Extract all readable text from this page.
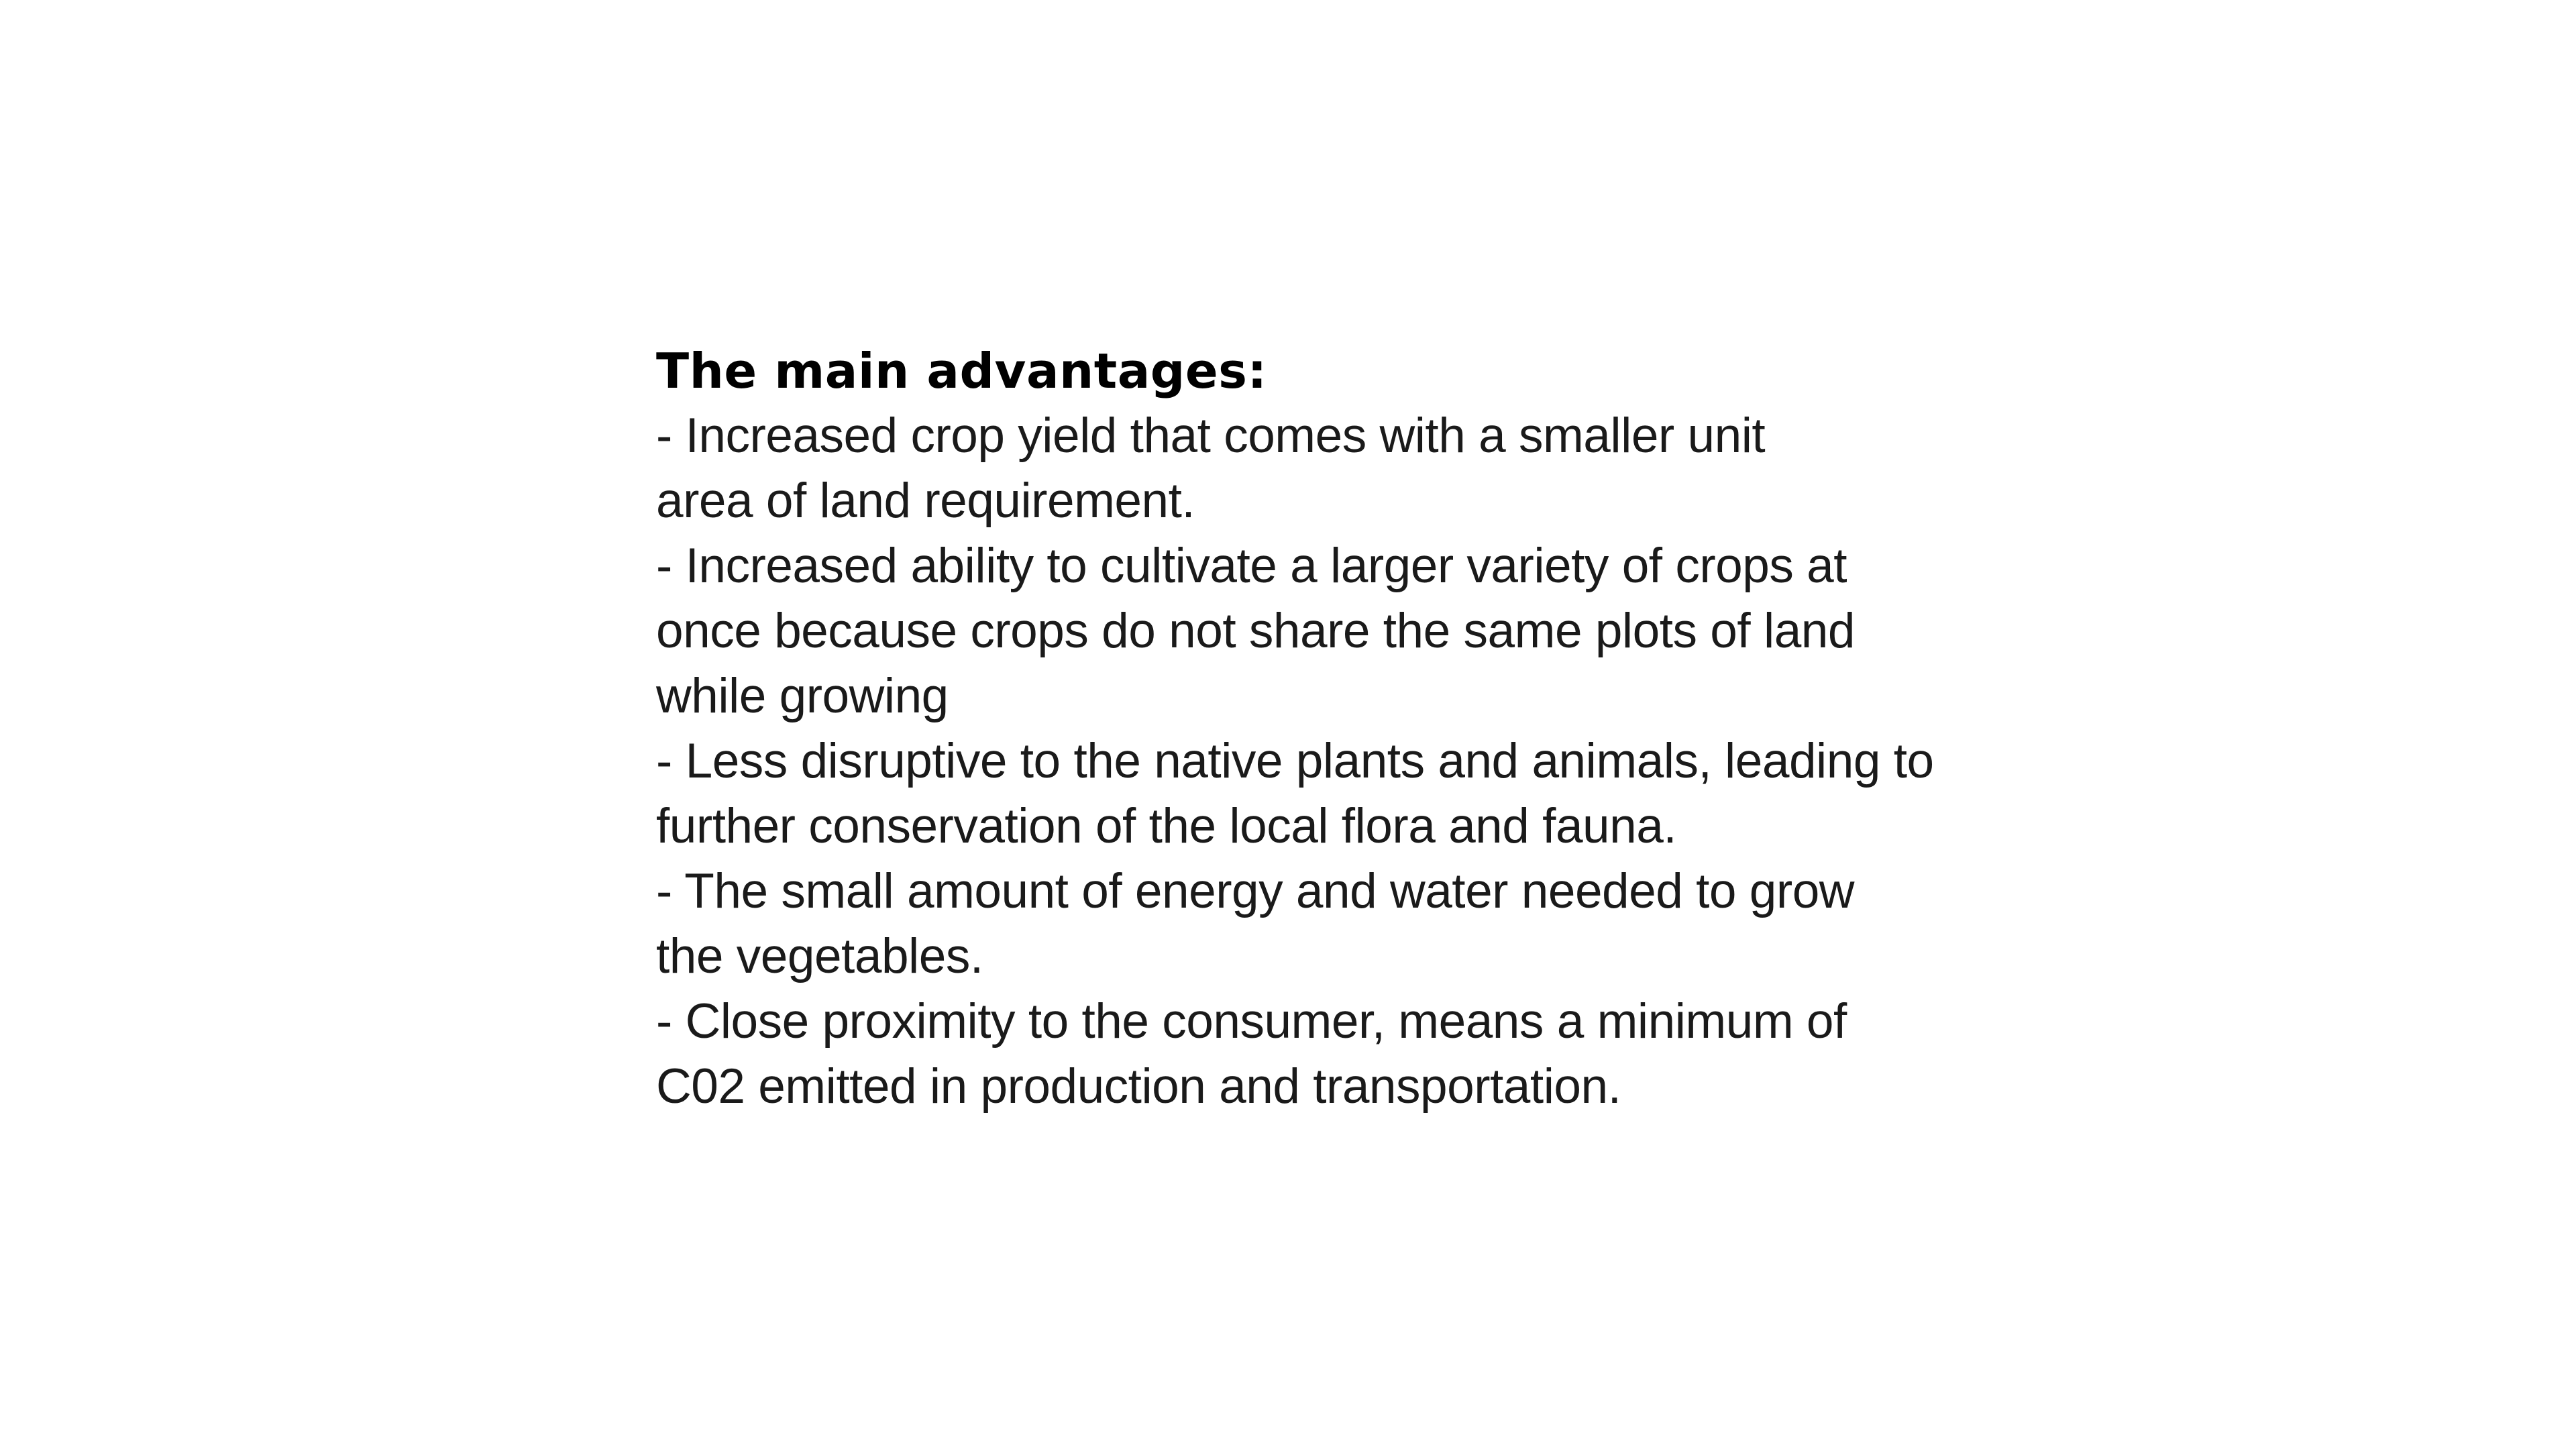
The main advantages:

- Increased crop yield that comes with a smaller unit

area of land requirement.

- Increased ability to cultivate a larger variety of crops at

once because crops do not share the same plots of land

while growing

- Less disruptive to the native plants and animals, leading to

further conservation of the local flora and fauna.

- The small amount of energy and water needed to grow

the vegetables.

- Close proximity to the consumer, means a minimum of

C02 emitted in production and transportation.
